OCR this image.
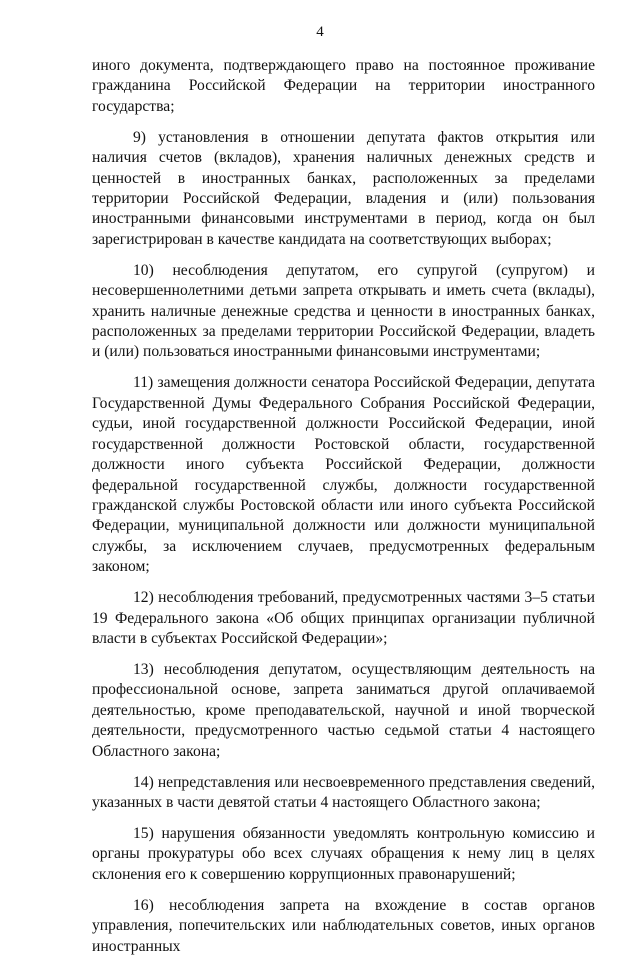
4

иного документа, подтверждающего право на постоянное проживание гражданина Российской Федерации на территории иностранного государства;

9) установления в отношении депутата фактов открытия или наличия счетов (вкладов), хранения наличных денежных средств и ценностей в иностранных банках, расположенных за пределами территории Российской Федерации, владения и (или) пользования иностранными финансовыми инструментами в период, когда он был зарегистрирован в качестве кандидата на соответствующих выборах;

10) несоблюдения депутатом, его супругой (супругом) и несовершеннолетними детьми запрета открывать и иметь счета (вклады), хранить наличные денежные средства и ценности в иностранных банках, расположенных за пределами территории Российской Федерации, владеть и (или) пользоваться иностранными финансовыми инструментами;

11) замещения должности сенатора Российской Федерации, депутата Государственной Думы Федерального Собрания Российской Федерации, судьи, иной государственной должности Российской Федерации, иной государственной должности Ростовской области, государственной должности иного субъекта Российской Федерации, должности федеральной государственной службы, должности государственной гражданской службы Ростовской области или иного субъекта Российской Федерации, муниципальной должности или должности муниципальной службы, за исключением случаев, предусмотренных федеральным законом;

12) несоблюдения требований, предусмотренных частями 3–5 статьи 19 Федерального закона «Об общих принципах организации публичной власти в субъектах Российской Федерации»;

13) несоблюдения депутатом, осуществляющим деятельность на профессиональной основе, запрета заниматься другой оплачиваемой деятельностью, кроме преподавательской, научной и иной творческой деятельности, предусмотренного частью седьмой статьи 4 настоящего Областного закона;

14) непредставления или несвоевременного представления сведений, указанных в части девятой статьи 4 настоящего Областного закона;

15) нарушения обязанности уведомлять контрольную комиссию и органы прокуратуры обо всех случаях обращения к нему лиц в целях склонения его к совершению коррупционных правонарушений;

16) несоблюдения запрета на вхождение в состав органов управления, попечительских или наблюдательных советов, иных органов иностранных
